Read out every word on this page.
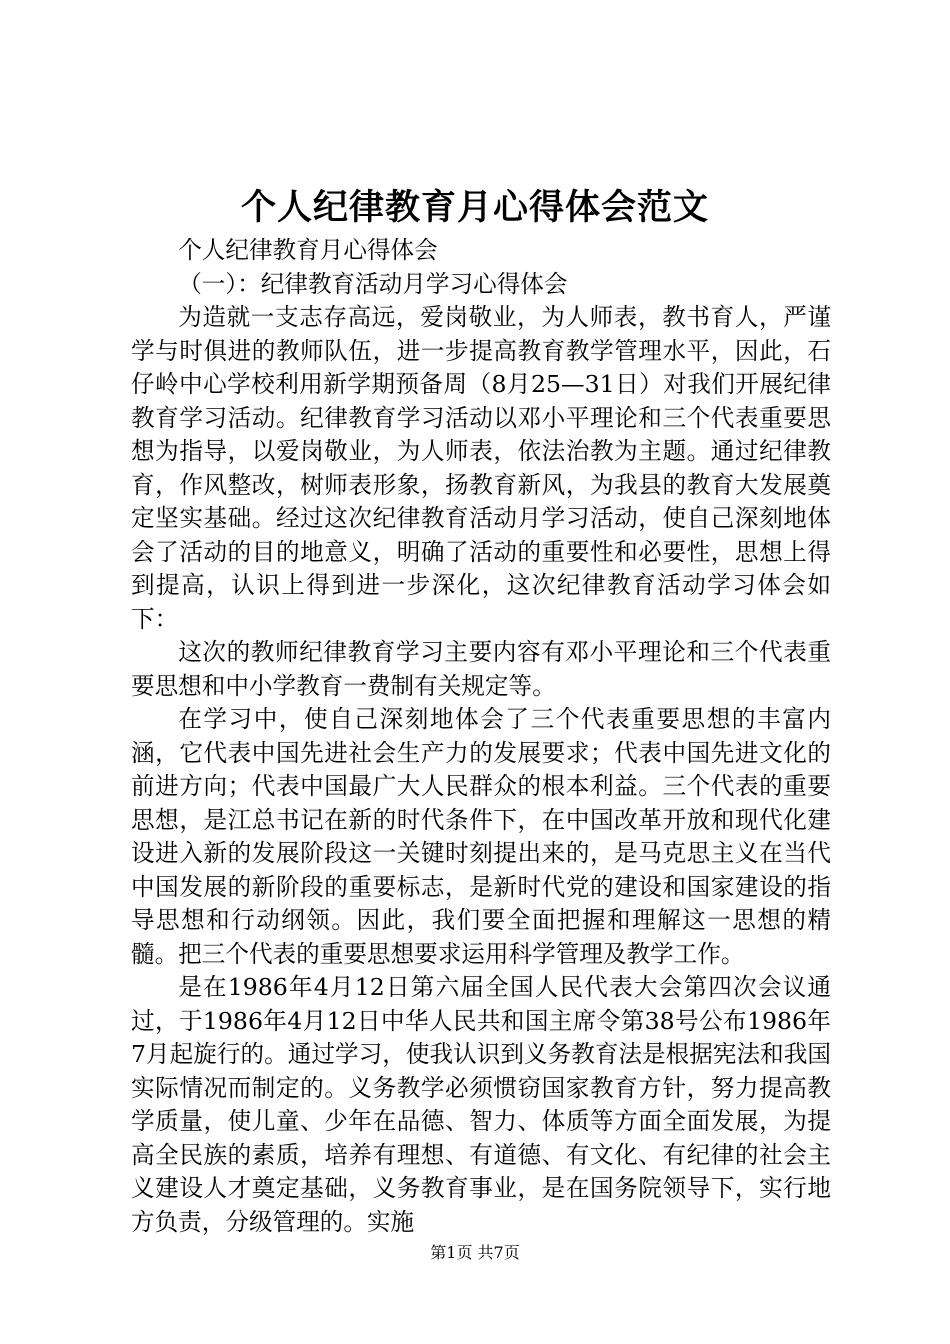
个人纪律教育月心得体会范文

个人纪律教育月心得体会

（一）：纪律教育活动月学习心得体会

为造就一支志存高远，爱岗敬业，为人师表，教书育人，严谨学与时俱进的教师队伍，进一步提高教育教学管理水平，因此，石仔岭中心学校利用新学期预备周（8月25—31日）对我们开展纪律教育学习活动。纪律教育学习活动以邓小平理论和三个代表重要思想为指导，以爱岗敬业，为人师表，依法治教为主题。通过纪律教育，作风整改，树师表形象，扬教育新风，为我县的教育大发展奠定坚实基础。经过这次纪律教育活动月学习活动，使自己深刻地体会了活动的目的地意义，明确了活动的重要性和必要性，思想上得到提高，认识上得到进一步深化，这次纪律教育活动学习体会如下：

这次的教师纪律教育学习主要内容有邓小平理论和三个代表重要思想和中小学教育一费制有关规定等。

在学习中，使自己深刻地体会了三个代表重要思想的丰富内涵，它代表中国先进社会生产力的发展要求；代表中国先进文化的前进方向；代表中国最广大人民群众的根本利益。三个代表的重要思想，是江总书记在新的时代条件下，在中国改革开放和现代化建设进入新的发展阶段这一关键时刻提出来的，是马克思主义在当代中国发展的新阶段的重要标志，是新时代党的建设和国家建设的指导思想和行动纲领。因此，我们要全面把握和理解这一思想的精髓。把三个代表的重要思想要求运用科学管理及教学工作。

是在1986年4月12日第六届全国人民代表大会第四次会议通过，于1986年4月12日中华人民共和国主席令第38号公布1986年7月起旋行的。通过学习，使我认识到义务教育法是根据宪法和我国实际情况而制定的。义务教学必须惯窃国家教育方针，努力提高教学质量，使儿童、少年在品德、智力、体质等方面全面发展，为提高全民族的素质，培养有理想、有道德、有文化、有纪律的社会主义建设人才奠定基础，义务教育事业，是在国务院领导下，实行地方负责，分级管理的。实施

第1页 共7页
